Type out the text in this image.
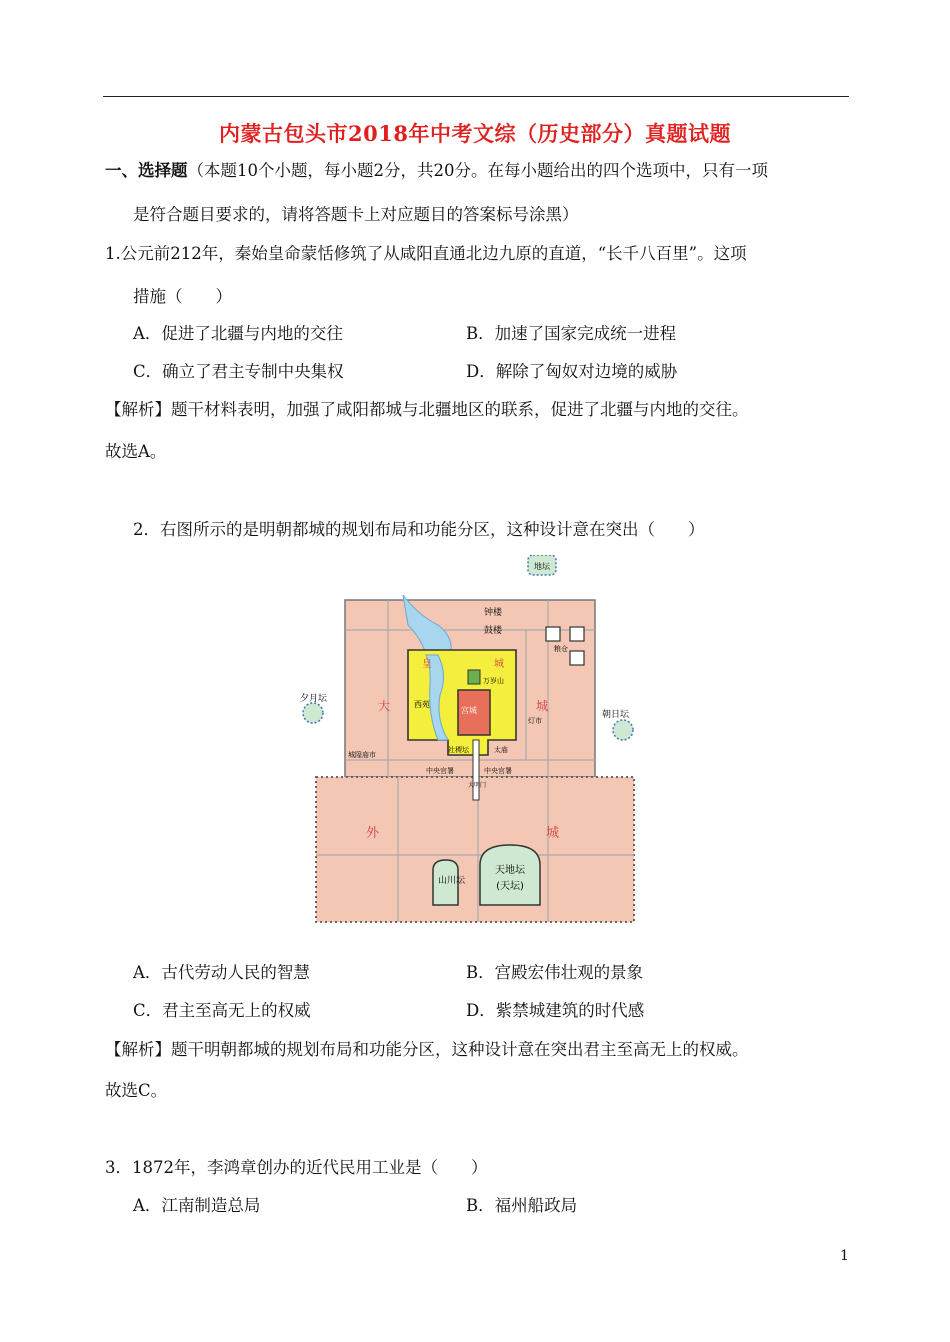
内蒙古包头市2018年中考文综（历史部分）真题试题
一、选择题（本题10个小题，每小题2分，共20分。在每小题给出的四个选项中，只有一项
是符合题目要求的，请将答题卡上对应题目的答案标号涂黑）
1.公元前212年，秦始皇命蒙恬修筑了从咸阳直通北边九原的直道，“长千八百里”。这项
措施（　　）
A．促进了北疆与内地的交往	B．加速了国家完成统一进程
C．确立了君主专制中央集权	D．解除了匈奴对边境的威胁
【解析】题干材料表明，加强了咸阳都城与北疆地区的联系，促进了北疆与内地的交往。
故选A。
2．右图所示的是明朝都城的规划布局和功能分区，这种设计意在突出（　　）
地坛
钟楼
鼓楼
夕月坛
朝日坛
皇	城
大	城
西苑
万岁山
宫城
粮仓
灯市
城隍庙市
社稷坛	太庙
中央官署	中央官署
大明门
外	城
山川坛
天地坛
(天坛)
A．古代劳动人民的智慧	B．宫殿宏伟壮观的景象
C．君主至高无上的权威	D．紫禁城建筑的时代感
【解析】题干明朝都城的规划布局和功能分区，这种设计意在突出君主至高无上的权威。
故选C。
3．1872年，李鸿章创办的近代民用工业是（　　）
A．江南制造总局	B．福州船政局
1
